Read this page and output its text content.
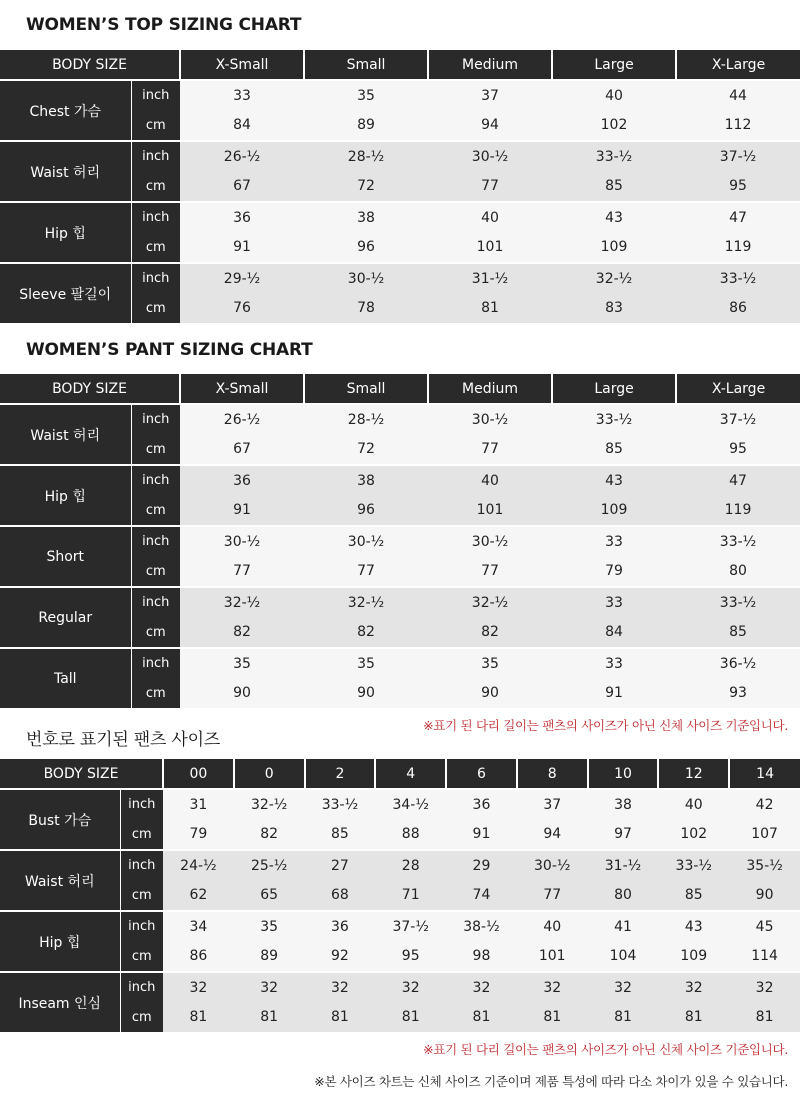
WOMEN’S TOP SIZING CHART
BODY SIZE		X-Small	Small	Medium	Large	X-Large
Chest 가슴	inch	33	35	37	40	44
	cm	84	89	94	102	112
Waist 허리	inch	26-½	28-½	30-½	33-½	37-½
	cm	67	72	77	85	95
Hip 힙	inch	36	38	40	43	47
	cm	91	96	101	109	119
Sleeve 팔길이	inch	29-½	30-½	31-½	32-½	33-½
	cm	76	78	81	83	86
WOMEN’S PANT SIZING CHART
BODY SIZE		X-Small	Small	Medium	Large	X-Large
Waist 허리	inch	26-½	28-½	30-½	33-½	37-½
	cm	67	72	77	85	95
Hip 힙	inch	36	38	40	43	47
	cm	91	96	101	109	119
Short	inch	30-½	30-½	30-½	33	33-½
	cm	77	77	77	79	80
Regular	inch	32-½	32-½	32-½	33	33-½
	cm	82	82	82	84	85
Tall	inch	35	35	35	33	36-½
	cm	90	90	90	91	93
※표기 된 다리 길이는 팬츠의 사이즈가 아닌 신체 사이즈 기준입니다.
번호로 표기된 팬츠 사이즈
BODY SIZE		00	0	2	4	6	8	10	12	14
Bust 가슴	inch	31	32-½	33-½	34-½	36	37	38	40	42
	cm	79	82	85	88	91	94	97	102	107
Waist 허리	inch	24-½	25-½	27	28	29	30-½	31-½	33-½	35-½
	cm	62	65	68	71	74	77	80	85	90
Hip 힙	inch	34	35	36	37-½	38-½	40	41	43	45
	cm	86	89	92	95	98	101	104	109	114
Inseam 인심	inch	32	32	32	32	32	32	32	32	32
	cm	81	81	81	81	81	81	81	81	81
※표기 된 다리 길이는 팬츠의 사이즈가 아닌 신체 사이즈 기준입니다.
※본 사이즈 차트는 신체 사이즈 기준이며 제품 특성에 따라 다소 차이가 있을 수 있습니다.
